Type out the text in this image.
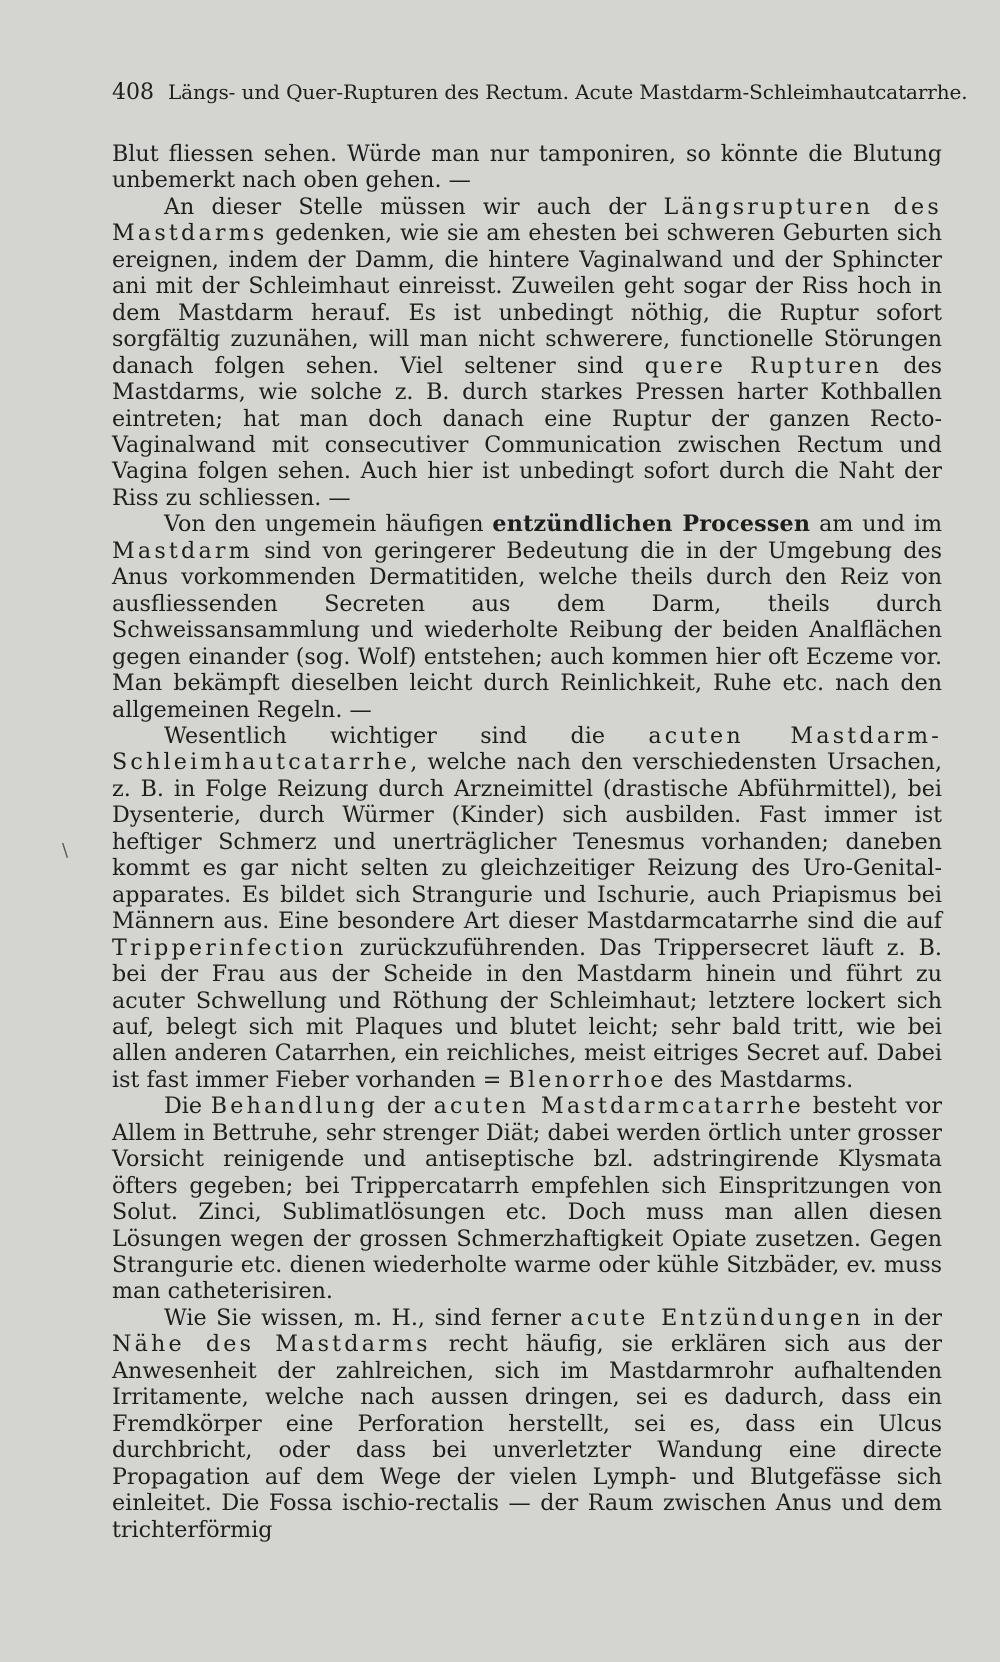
408 Längs- und Quer-Rupturen des Rectum. Acute Mastdarm-Schleimhautcatarrhe.
\

Blut fliessen sehen. Würde man nur tamponiren, so könnte die Blutung unbemerkt nach oben gehen. —

An dieser Stelle müssen wir auch der Längsrupturen des Mastdarms gedenken, wie sie am ehesten bei schweren Geburten sich ereignen, indem der Damm, die hintere Vaginalwand und der Sphincter ani mit der Schleimhaut einreisst. Zuweilen geht sogar der Riss hoch in dem Mastdarm herauf. Es ist unbedingt nöthig, die Ruptur sofort sorgfältig zuzunähen, will man nicht schwerere, functionelle Störungen danach folgen sehen. Viel seltener sind quere Rupturen des Mastdarms, wie solche z. B. durch starkes Pressen harter Kothballen eintreten; hat man doch danach eine Ruptur der ganzen Recto-Vaginalwand mit consecutiver Communication zwischen Rectum und Vagina folgen sehen. Auch hier ist unbedingt sofort durch die Naht der Riss zu schliessen. —

Von den ungemein häufigen entzündlichen Processen am und im Mastdarm sind von geringerer Bedeutung die in der Umgebung des Anus vorkommenden Dermatitiden, welche theils durch den Reiz von ausfliessenden Secreten aus dem Darm, theils durch Schweissansammlung und wiederholte Reibung der beiden Analflächen gegen einander (sog. Wolf) entstehen; auch kommen hier oft Eczeme vor. Man bekämpft dieselben leicht durch Reinlichkeit, Ruhe etc. nach den allgemeinen Regeln. —

Wesentlich wichtiger sind die acuten Mastdarm-Schleimhautcatarrhe, welche nach den verschiedensten Ursachen, z. B. in Folge Reizung durch Arzneimittel (drastische Abführmittel), bei Dysenterie, durch Würmer (Kinder) sich ausbilden. Fast immer ist heftiger Schmerz und unerträglicher Tenesmus vorhanden; daneben kommt es gar nicht selten zu gleichzeitiger Reizung des Uro-Genital-apparates. Es bildet sich Strangurie und Ischurie, auch Priapismus bei Männern aus. Eine besondere Art dieser Mastdarmcatarrhe sind die auf Tripperinfection zurückzuführenden. Das Trippersecret läuft z. B. bei der Frau aus der Scheide in den Mastdarm hinein und führt zu acuter Schwellung und Röthung der Schleimhaut; letztere lockert sich auf, belegt sich mit Plaques und blutet leicht; sehr bald tritt, wie bei allen anderen Catarrhen, ein reichliches, meist eitriges Secret auf. Dabei ist fast immer Fieber vorhanden = Blenorrhoe des Mastdarms.

Die Behandlung der acuten Mastdarmcatarrhe besteht vor Allem in Bettruhe, sehr strenger Diät; dabei werden örtlich unter grosser Vorsicht reinigende und antiseptische bzl. adstringirende Klysmata öfters gegeben; bei Trippercatarrh empfehlen sich Einspritzungen von Solut. Zinci, Sublimatlösungen etc. Doch muss man allen diesen Lösungen wegen der grossen Schmerzhaftigkeit Opiate zusetzen. Gegen Strangurie etc. dienen wiederholte warme oder kühle Sitzbäder, ev. muss man catheterisiren.

Wie Sie wissen, m. H., sind ferner acute Entzündungen in der Nähe des Mastdarms recht häufig, sie erklären sich aus der Anwesenheit der zahlreichen, sich im Mastdarmrohr aufhaltenden Irritamente, welche nach aussen dringen, sei es dadurch, dass ein Fremdkörper eine Perforation herstellt, sei es, dass ein Ulcus durchbricht, oder dass bei unverletzter Wandung eine directe Propagation auf dem Wege der vielen Lymph- und Blutgefässe sich einleitet. Die Fossa ischio-rectalis — der Raum zwischen Anus und dem trichterförmig
